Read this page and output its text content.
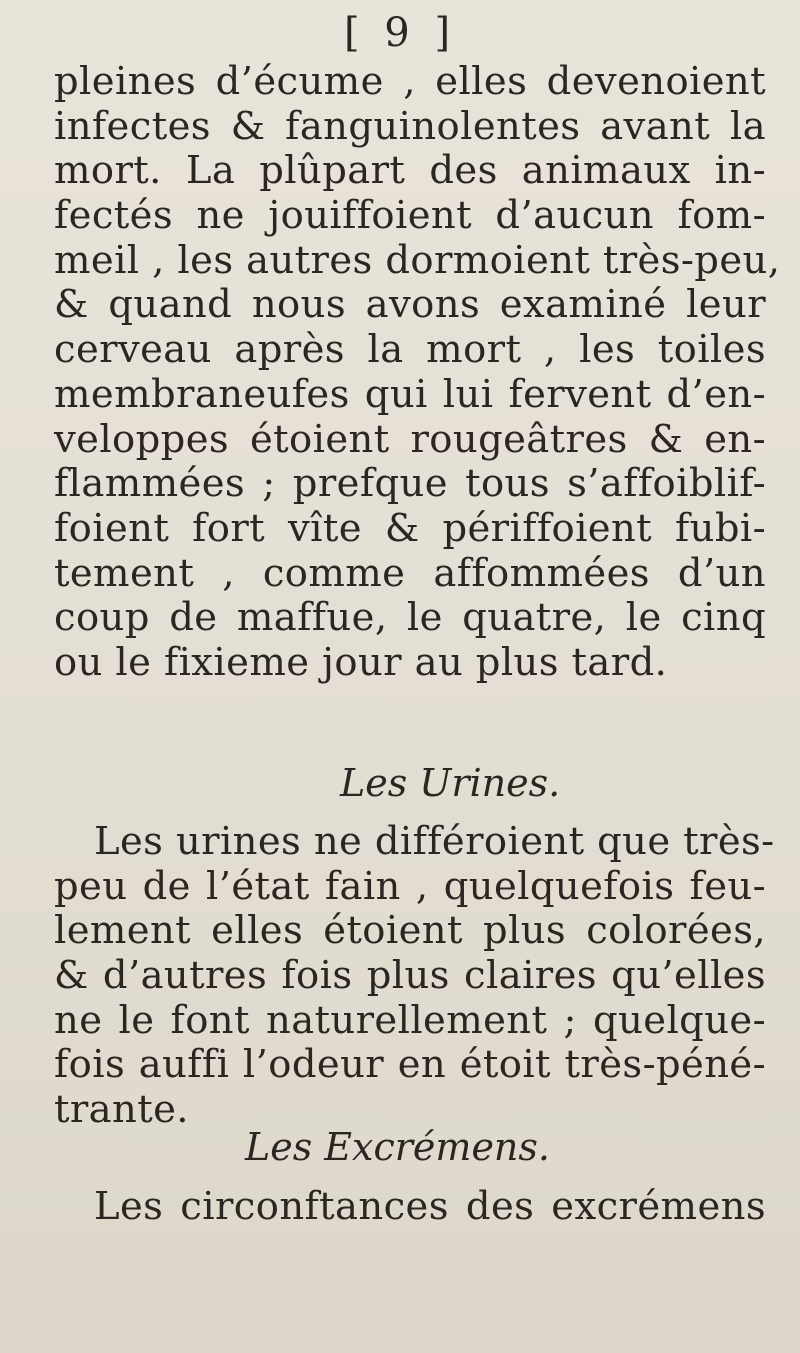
[ 9 ]
pleines d’écume , elles devenoient
infectes & fanguinolentes avant la
mort. La plûpart des animaux in-
fectés ne jouiffoient d’aucun fom-
meil , les autres dormoient très-peu,
& quand nous avons examiné leur
cerveau après la mort , les toiles
membraneufes qui lui fervent d’en-
veloppes étoient rougeâtres & en-
flammées ; prefque tous s’affoiblif-
foient fort vîte & périffoient fubi-
tement , comme affommées d’un
coup de maffue, le quatre, le cinq
ou le fixieme jour au plus tard.
Les Urines.
Les urines ne différoient que très-
peu de l’état fain , quelquefois feu-
lement elles étoient plus colorées,
& d’autres fois plus claires qu’elles
ne le font naturellement ; quelque-
fois auffi l’odeur en étoit très-péné-
trante.
Les Excrémens.
Les circonftances des excrémens
